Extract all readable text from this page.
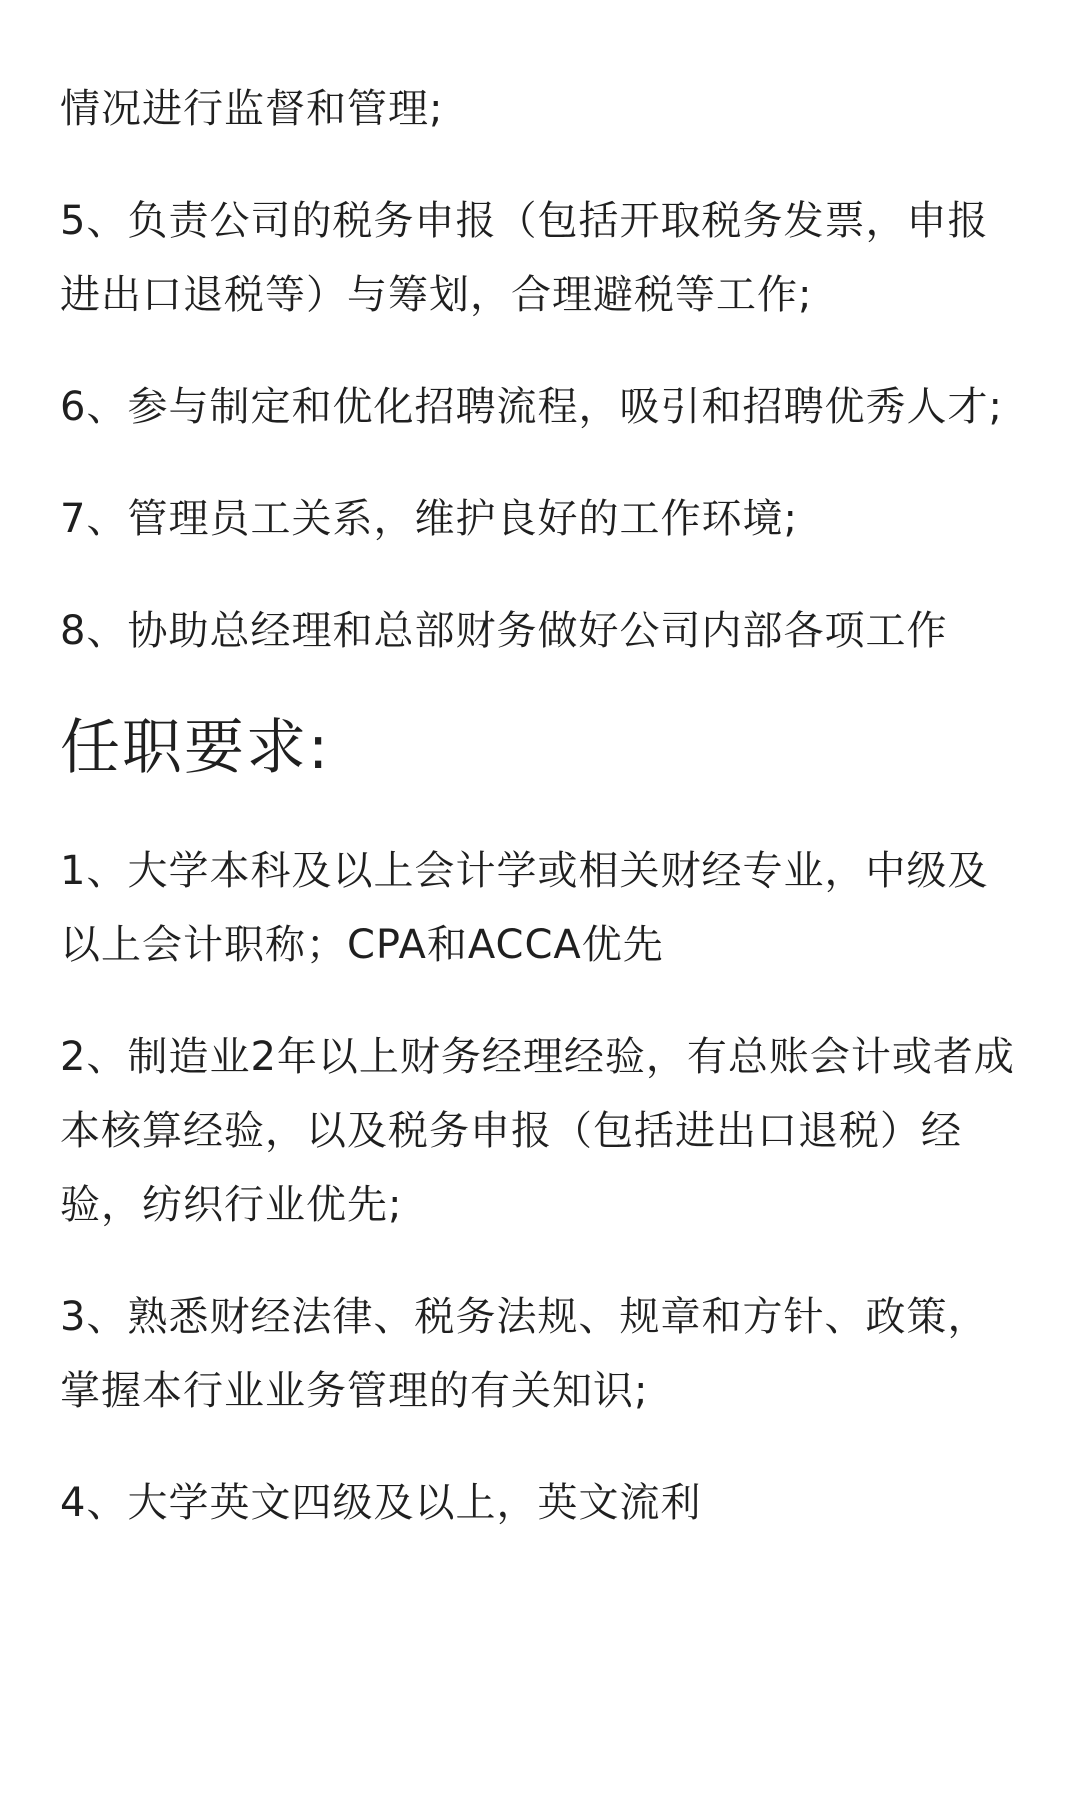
情况进行监督和管理;

5、负责公司的税务申报（包括开取税务发票，申报进出口退税等）与筹划，合理避税等工作;

6、参与制定和优化招聘流程，吸引和招聘优秀人才;

7、管理员工关系，维护良好的工作环境;

8、协助总经理和总部财务做好公司内部各项工作

任职要求:

1、大学本科及以上会计学或相关财经专业，中级及以上会计职称；CPA和ACCA优先

2、制造业2年以上财务经理经验，有总账会计或者成本核算经验，以及税务申报（包括进出口退税）经验，纺织行业优先;

3、熟悉财经法律、税务法规、规章和方针、政策，掌握本行业业务管理的有关知识;

4、大学英文四级及以上，英文流利
